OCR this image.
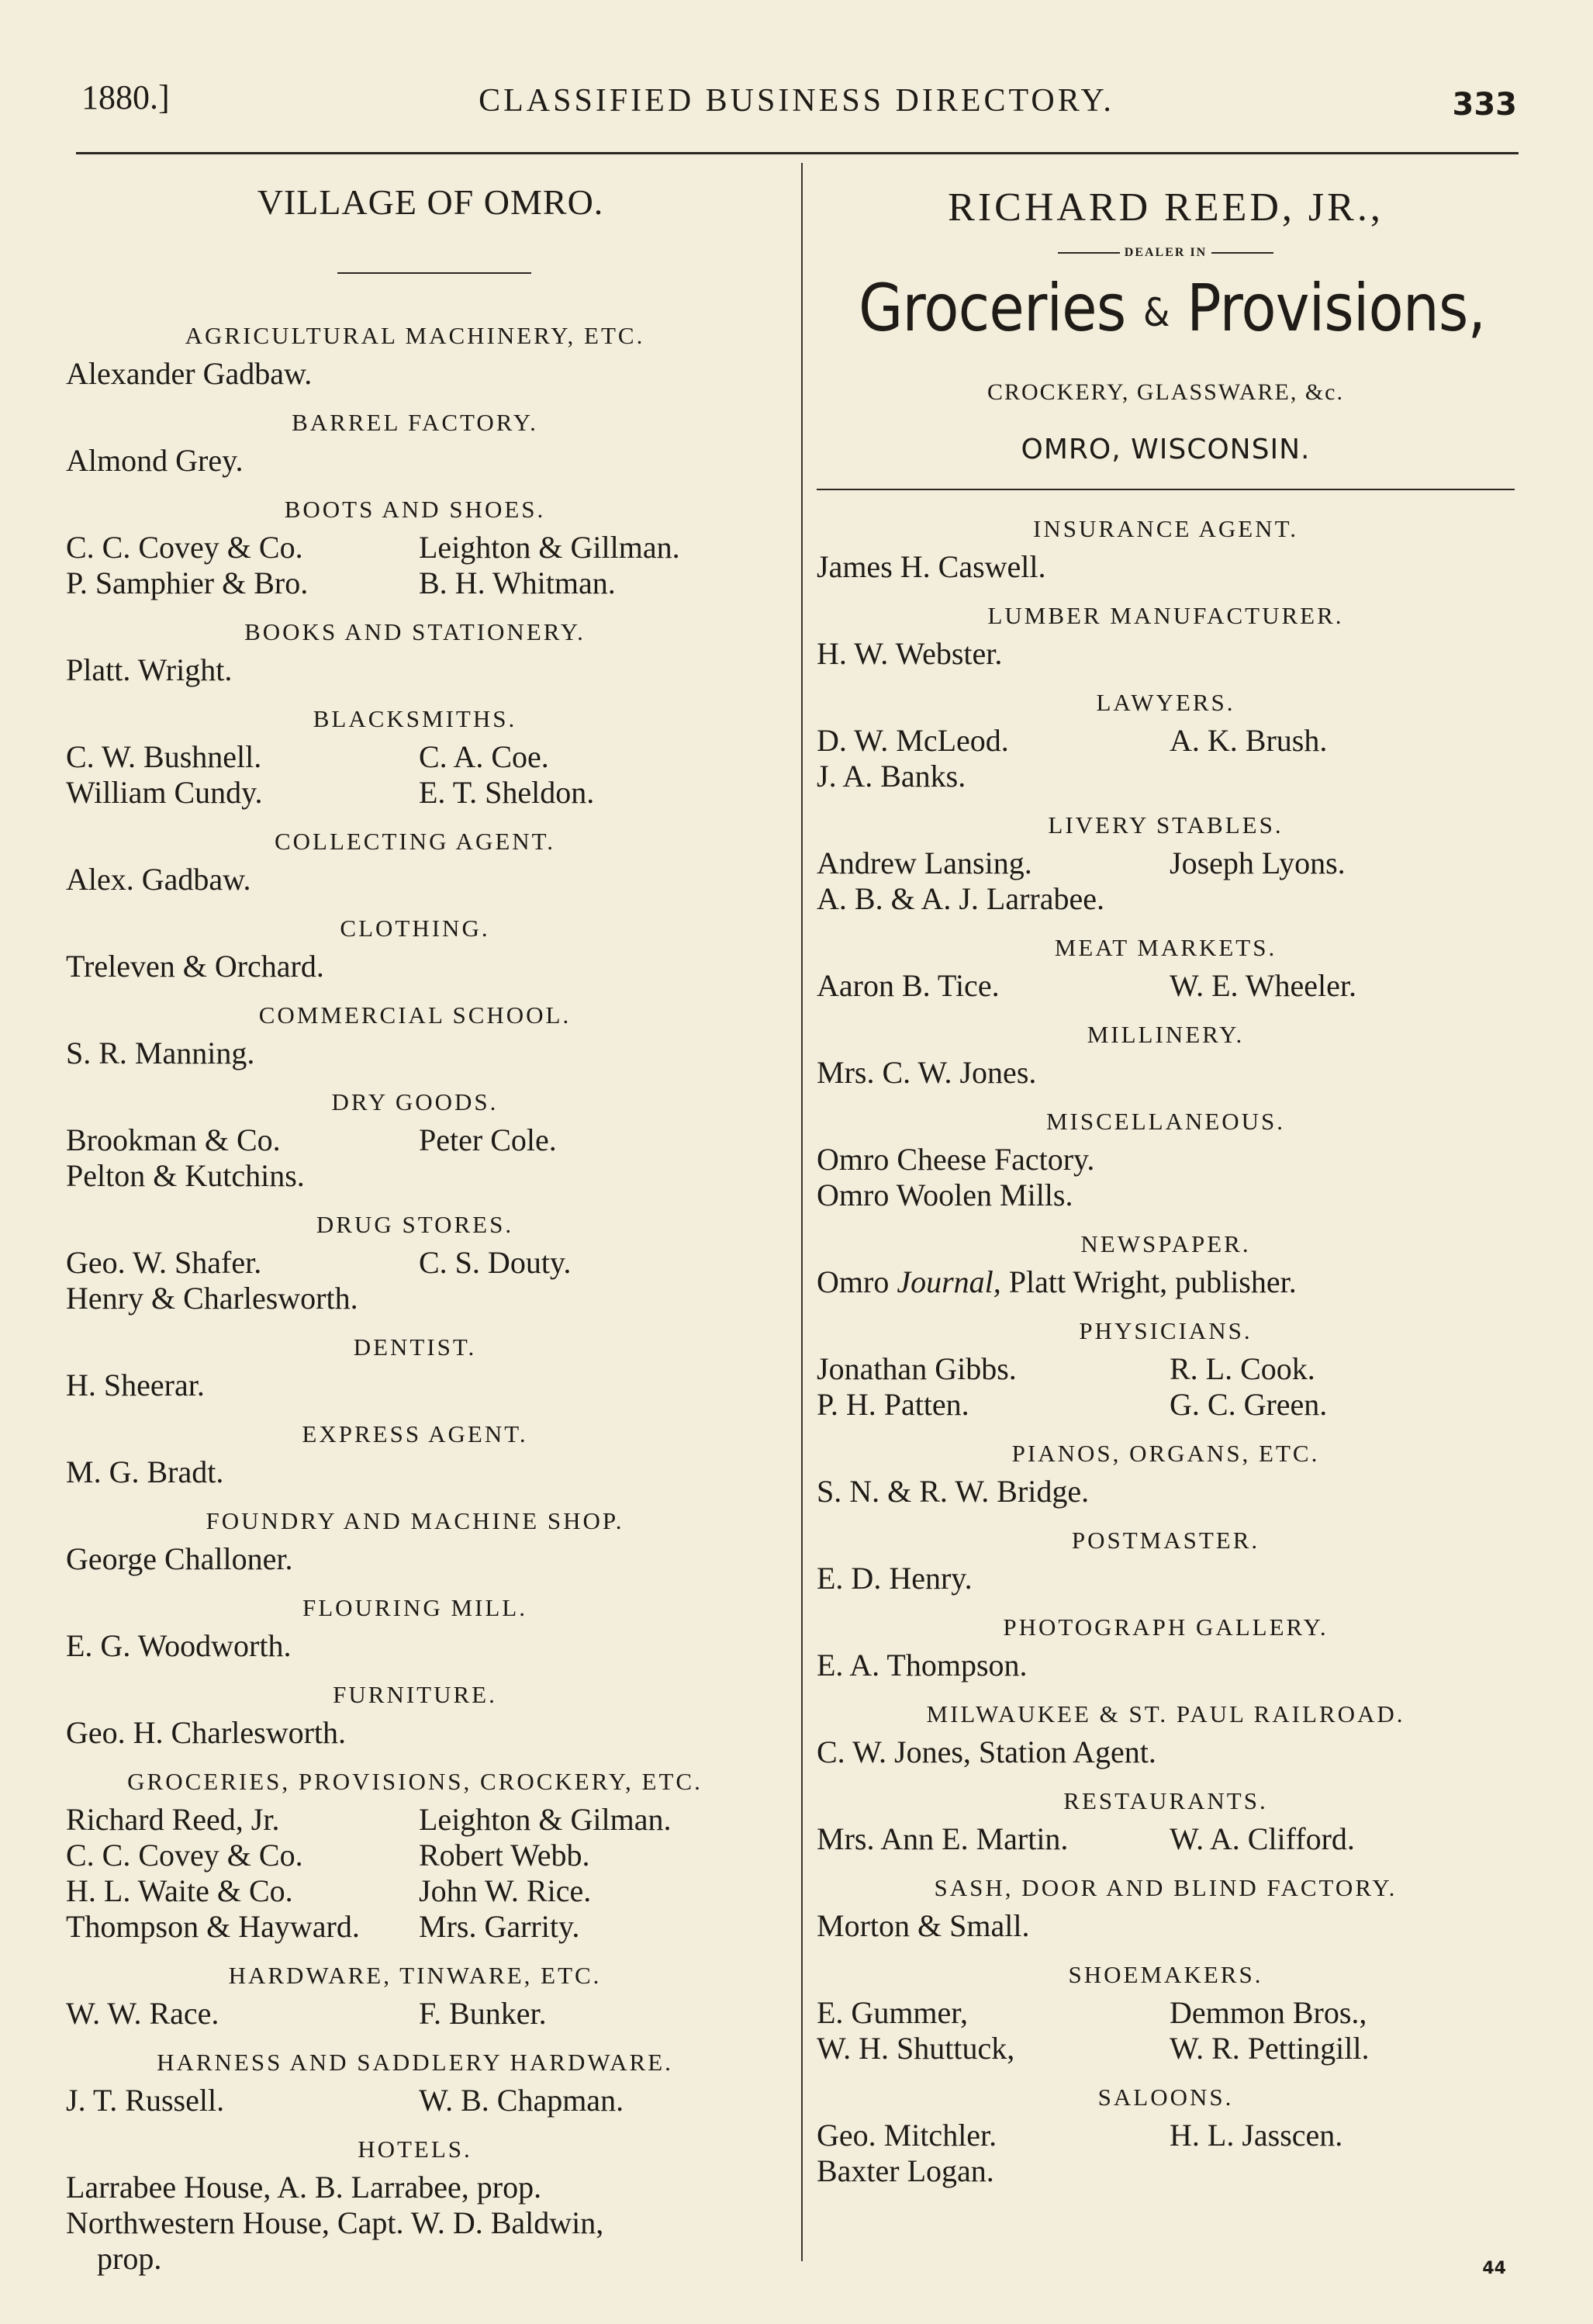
1880.]	CLASSIFIED BUSINESS DIRECTORY.	333
VILLAGE OF OMRO.
AGRICULTURAL MACHINERY, ETC.
Alexander Gadbaw.
BARREL FACTORY.
Almond Grey.
BOOTS AND SHOES.
C. C. Covey & Co.	Leighton & Gillman.
P. Samphier & Bro.	B. H. Whitman.
BOOKS AND STATIONERY.
Platt. Wright.
BLACKSMITHS.
C. W. Bushnell.	C. A. Coe.
William Cundy.	E. T. Sheldon.
COLLECTING AGENT.
Alex. Gadbaw.
CLOTHING.
Treleven & Orchard.
COMMERCIAL SCHOOL.
S. R. Manning.
DRY GOODS.
Brookman & Co.	Peter Cole.
Pelton & Kutchins.
DRUG STORES.
Geo. W. Shafer.	C. S. Douty.
Henry & Charlesworth.
DENTIST.
H. Sheerar.
EXPRESS AGENT.
M. G. Bradt.
FOUNDRY AND MACHINE SHOP.
George Challoner.
FLOURING MILL.
E. G. Woodworth.
FURNITURE.
Geo. H. Charlesworth.
GROCERIES, PROVISIONS, CROCKERY, ETC.
Richard Reed, Jr.	Leighton & Gilman.
C. C. Covey & Co.	Robert Webb.
H. L. Waite & Co.	John W. Rice.
Thompson & Hayward.	Mrs. Garrity.
HARDWARE, TINWARE, ETC.
W. W. Race.	F. Bunker.
HARNESS AND SADDLERY HARDWARE.
J. T. Russell.	W. B. Chapman.
HOTELS.
Larrabee House, A. B. Larrabee, prop.
Northwestern House, Capt. W. D. Baldwin,
prop.
RICHARD REED, JR.,
DEALER IN
Groceries & Provisions,
CROCKERY, GLASSWARE, &c.
OMRO, WISCONSIN.
INSURANCE AGENT.
James H. Caswell.
LUMBER MANUFACTURER.
H. W. Webster.
LAWYERS.
D. W. McLeod.	A. K. Brush.
J. A. Banks.
LIVERY STABLES.
Andrew Lansing.	Joseph Lyons.
A. B. & A. J. Larrabee.
MEAT MARKETS.
Aaron B. Tice.	W. E. Wheeler.
MILLINERY.
Mrs. C. W. Jones.
MISCELLANEOUS.
Omro Cheese Factory.
Omro Woolen Mills.
NEWSPAPER.
Omro Journal, Platt Wright, publisher.
PHYSICIANS.
Jonathan Gibbs.	R. L. Cook.
P. H. Patten.	G. C. Green.
PIANOS, ORGANS, ETC.
S. N. & R. W. Bridge.
POSTMASTER.
E. D. Henry.
PHOTOGRAPH GALLERY.
E. A. Thompson.
MILWAUKEE & ST. PAUL RAILROAD.
C. W. Jones, Station Agent.
RESTAURANTS.
Mrs. Ann E. Martin.	W. A. Clifford.
SASH, DOOR AND BLIND FACTORY.
Morton & Small.
SHOEMAKERS.
E. Gummer,	Demmon Bros.,
W. H. Shuttuck,	W. R. Pettingill.
SALOONS.
Geo. Mitchler.	H. L. Jasscen.
Baxter Logan.
44
